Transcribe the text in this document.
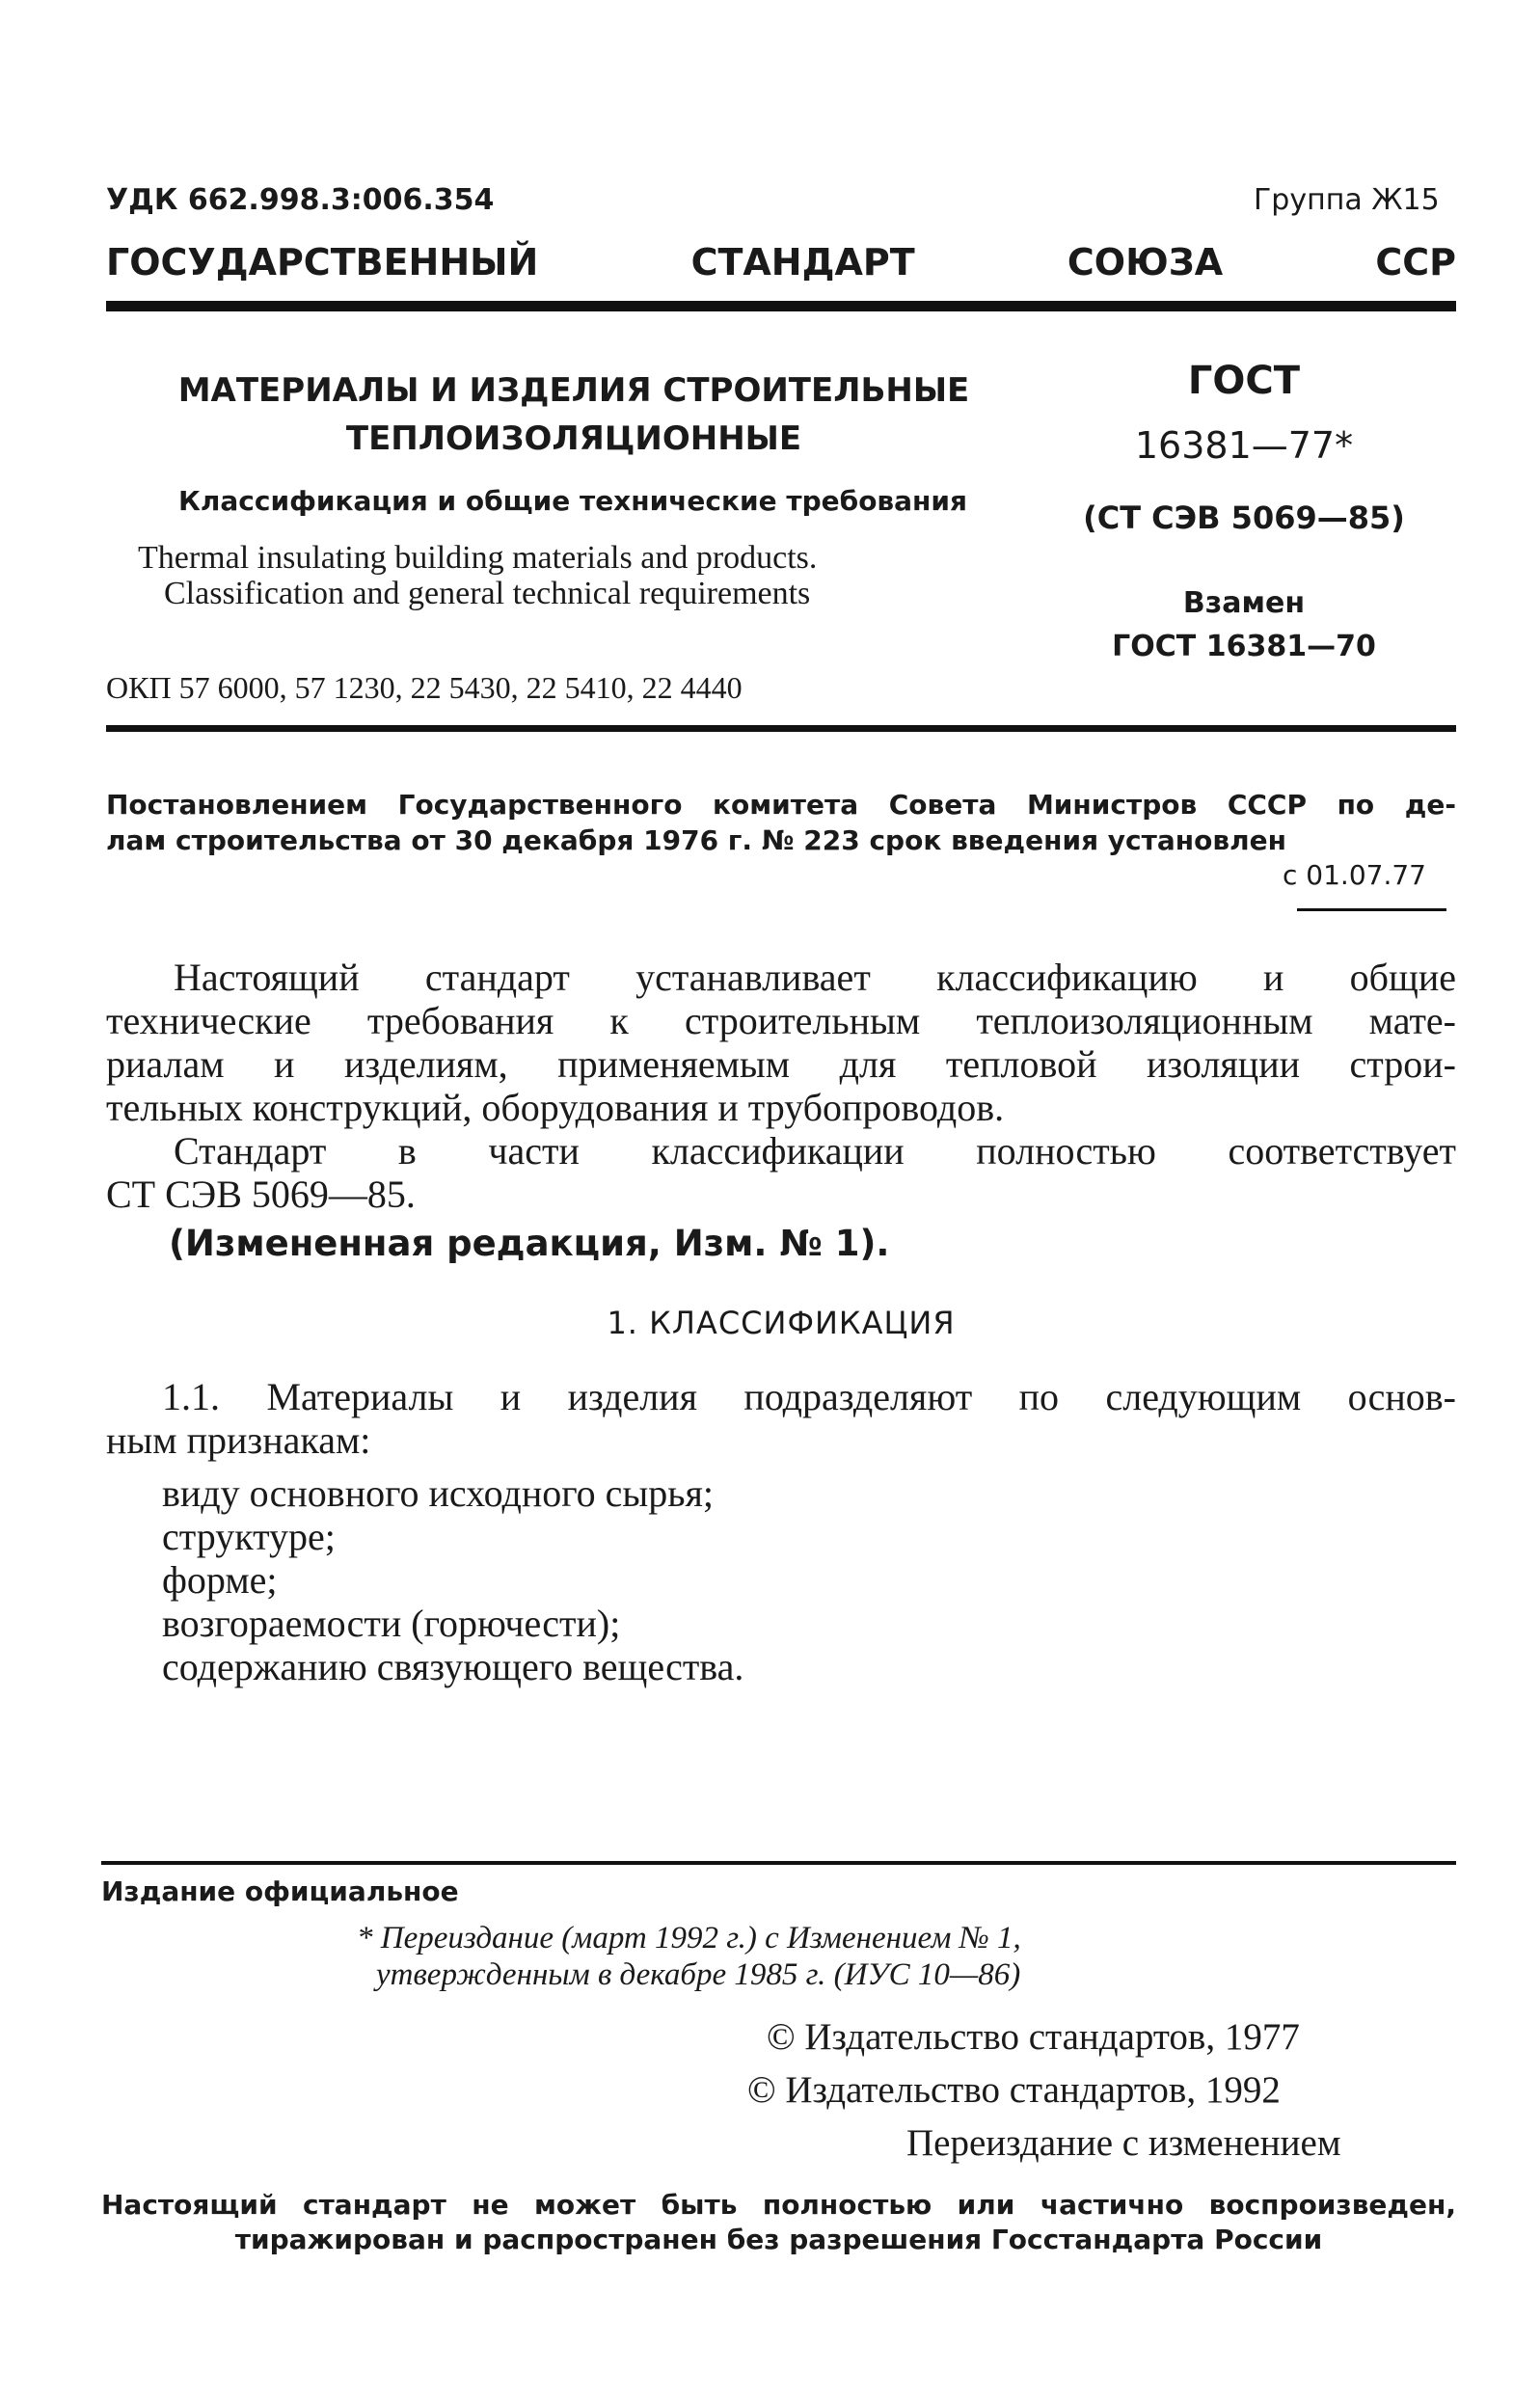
УДК 662.998.3:006.354	Группа Ж15
ГОСУДАРСТВЕННЫЙ СТАНДАРТ СОЮЗА ССР
МАТЕРИАЛЫ И ИЗДЕЛИЯ СТРОИТЕЛЬНЫЕ
ТЕПЛОИЗОЛЯЦИОННЫЕ
Классификация и общие технические требования
Thermal insulating building materials and products.
Classification and general technical requirements
ОКП 57 6000, 57 1230, 22 5430, 22 5410, 22 4440
ГОСТ
16381—77*
(СТ СЭВ 5069—85)
Взамен
ГОСТ 16381—70
Постановлением Государственного комитета Совета Министров СССР по де-
лам строительства от 30 декабря 1976 г. № 223 срок введения установлен
с 01.07.77
Настоящий стандарт устанавливает классификацию и общие
технические требования к строительным теплоизоляционным мате-
риалам и изделиям, применяемым для тепловой изоляции строи-
тельных конструкций, оборудования и трубопроводов.
Стандарт в части классификации полностью соответствует
СТ СЭВ 5069—85.
(Измененная редакция, Изм. № 1).
1. КЛАССИФИКАЦИЯ
1.1. Материалы и изделия подразделяют по следующим основ-
ным признакам:
виду основного исходного сырья;
структуре;
форме;
возгораемости (горючести);
содержанию связующего вещества.
Издание официальное
* Переиздание (март 1992 г.) с Изменением № 1,
утвержденным в декабре 1985 г. (ИУС 10—86)
© Издательство стандартов, 1977
© Издательство стандартов, 1992
Переиздание с изменением
Настоящий стандарт не может быть полностью или частично воспроизведен,
тиражирован и распространен без разрешения Госстандарта России
